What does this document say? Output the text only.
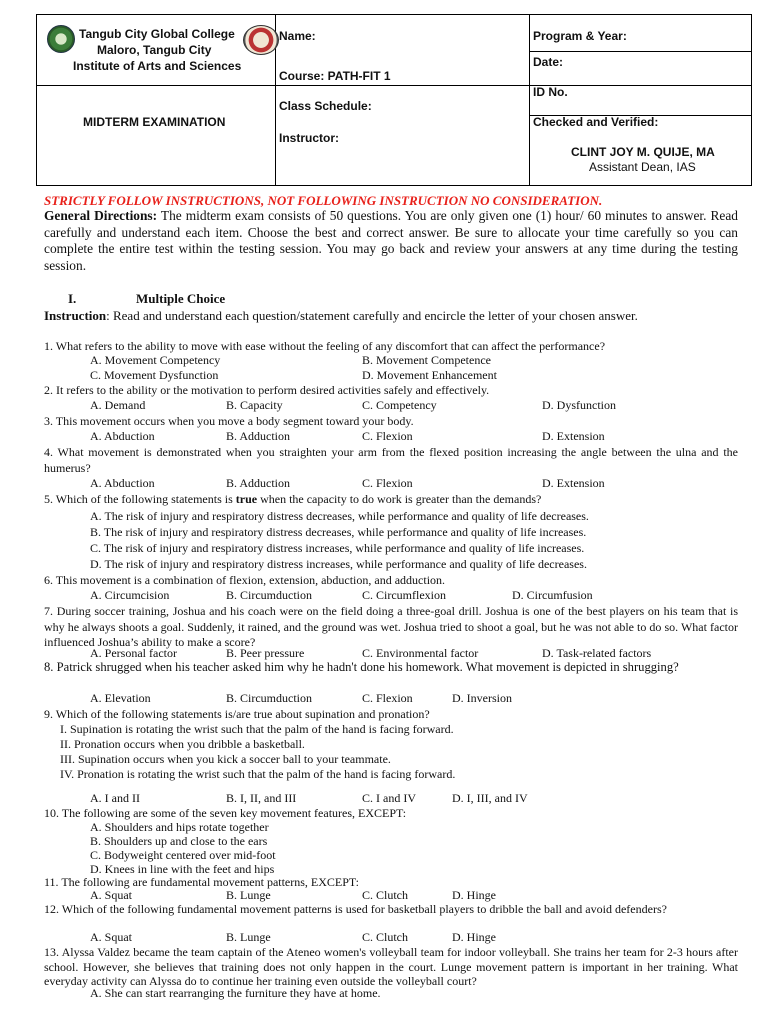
Tangub City Global College
Maloro, Tangub City
Institute of Arts and Sciences
MIDTERM EXAMINATION
Name:
Course: PATH-FIT 1
Class Schedule:
Instructor:
Program & Year:
Date:
ID No.
Checked and Verified:
CLINT JOY M. QUIJE, MA
Assistant Dean, IAS
STRICTLY FOLLOW INSTRUCTIONS, NOT FOLLOWING INSTRUCTION NO CONSIDERATION.
General Directions: The midterm exam consists of 50 questions. You are only given one (1) hour/ 60 minutes to answer. Read carefully and understand each item. Choose the best and correct answer. Be sure to allocate your time carefully so you can complete the entire test within the testing session. You may go back and review your answers at any time during the testing session.
I.	Multiple Choice
Instruction: Read and understand each question/statement carefully and encircle the letter of your chosen answer.
1. What refers to the ability to move with ease without the feeling of any discomfort that can affect the performance?
A. Movement Competency	B. Movement Competence
C. Movement Dysfunction	D. Movement Enhancement
2. It refers to the ability or the motivation to perform desired activities safely and effectively.
A. Demand	B. Capacity	C. Competency	D. Dysfunction
3. This movement occurs when you move a body segment toward your body.
A. Abduction	B. Adduction	C. Flexion	D. Extension
4. What movement is demonstrated when you straighten your arm from the flexed position increasing the angle between the ulna and the humerus?
A. Abduction	B. Adduction	C. Flexion	D. Extension
5. Which of the following statements is true when the capacity to do work is greater than the demands?
A. The risk of injury and respiratory distress decreases, while performance and quality of life decreases.
B. The risk of injury and respiratory distress decreases, while performance and quality of life increases.
C. The risk of injury and respiratory distress increases, while performance and quality of life increases.
D. The risk of injury and respiratory distress increases, while performance and quality of life decreases.
6. This movement is a combination of flexion, extension, abduction, and adduction.
A. Circumcision	B. Circumduction	C. Circumflexion	D. Circumfusion
7. During soccer training, Joshua and his coach were on the field doing a three-goal drill. Joshua is one of the best players on his team that is why he always shoots a goal. Suddenly, it rained, and the ground was wet. Joshua tried to shoot a goal, but he was not able to do so. What factor influenced Joshua’s ability to make a score?
A. Personal factor	B. Peer pressure	C. Environmental factor	D. Task-related factors
8. Patrick shrugged when his teacher asked him why he hadn't done his homework. What movement is depicted in shrugging?
A. Elevation	B. Circumduction	C. Flexion	D. Inversion
9. Which of the following statements is/are true about supination and pronation?
I. Supination is rotating the wrist such that the palm of the hand is facing forward.
II. Pronation occurs when you dribble a basketball.
III. Supination occurs when you kick a soccer ball to your teammate.
IV. Pronation is rotating the wrist such that the palm of the hand is facing forward.
A. I and II	B. I, II, and III	C. I and IV	D. I, III, and IV
10. The following are some of the seven key movement features, EXCEPT:
A. Shoulders and hips rotate together
B. Shoulders up and close to the ears
C. Bodyweight centered over mid-foot
D. Knees in line with the feet and hips
11. The following are fundamental movement patterns, EXCEPT:
A. Squat	B. Lunge	C. Clutch	D. Hinge
12. Which of the following fundamental movement patterns is used for basketball players to dribble the ball and avoid defenders?
A. Squat	B. Lunge	C. Clutch	D. Hinge
13. Alyssa Valdez became the team captain of the Ateneo women's volleyball team for indoor volleyball. She trains her team for 2-3 hours after school. However, she believes that training does not only happen in the court. Lunge movement pattern is important in her training. What everyday activity can Alyssa do to continue her training even outside the volleyball court?
A. She can start rearranging the furniture they have at home.
